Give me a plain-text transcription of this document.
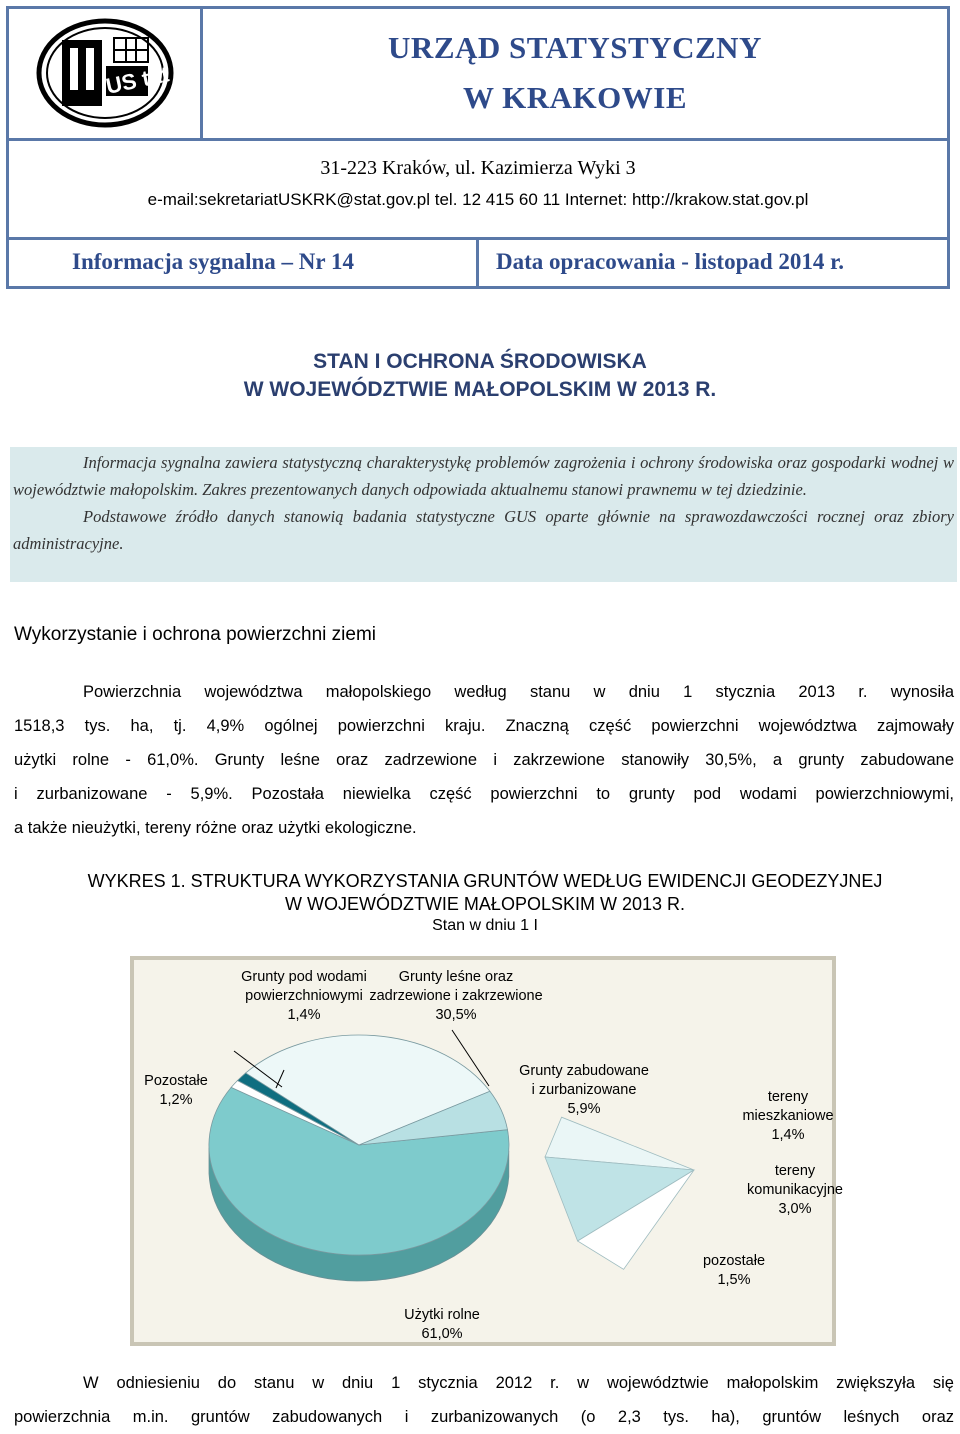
US tat
URZĄD STATYSTYCZNY
W KRAKOWIE
31-223 Kraków, ul. Kazimierza Wyki 3
e-mail:sekretariatUSKRK@stat.gov.pl tel. 12 415 60 11 Internet: http://krakow.stat.gov.pl
Informacja sygnalna – Nr 14	Data opracowania - listopad 2014 r.
STAN I OCHRONA ŚRODOWISKA
W WOJEWÓDZTWIE MAŁOPOLSKIM W 2013 R.

Informacja sygnalna zawiera statystyczną charakterystykę problemów zagrożenia i ochrony środowiska oraz gospodarki wodnej w województwie małopolskim. Zakres prezentowanych danych odpowiada aktualnemu stanowi prawnemu w tej dziedzinie.

Podstawowe źródło danych stanowią badania statystyczne GUS oparte głównie na sprawozdawczości rocznej oraz zbiory administracyjne.

Wykorzystanie i ochrona powierzchni ziemi
Powierzchnia województwa małopolskiego według stanu w dniu 1 stycznia 2013 r. wynosiła
1518,3 tys. ha, tj. 4,9% ogólnej powierzchni kraju. Znaczną część powierzchni województwa zajmowały
użytki rolne - 61,0%. Grunty leśne oraz zadrzewione i zakrzewione stanowiły 30,5%, a grunty zabudowane
i zurbanizowane - 5,9%. Pozostała niewielka część powierzchni to grunty pod wodami powierzchniowymi,
a także nieużytki, tereny różne oraz użytki ekologiczne.
WYKRES 1. STRUKTURA WYKORZYSTANIA GRUNTÓW WEDŁUG EWIDENCJI GEODEZYJNEJ
W WOJEWÓDZTWIE MAŁOPOLSKIM W 2013 R.
Stan w dniu 1 I
Użytki rolne
61,0%
Pozostałe
1,2%
Grunty pod wodami
powierzchniowymi
1,4%
Grunty leśne oraz
zadrzewione i zakrzewione
30,5%
Grunty zabudowane
i zurbanizowane
5,9%
tereny
mieszkaniowe
1,4%
tereny
komunikacyjne
3,0%
pozostałe
1,5%
W odniesieniu do stanu w dniu 1 stycznia 2012 r. w województwie małopolskim zwiększyła się
powierzchnia m.in. gruntów zabudowanych i zurbanizowanych (o 2,3 tys. ha), gruntów leśnych oraz
